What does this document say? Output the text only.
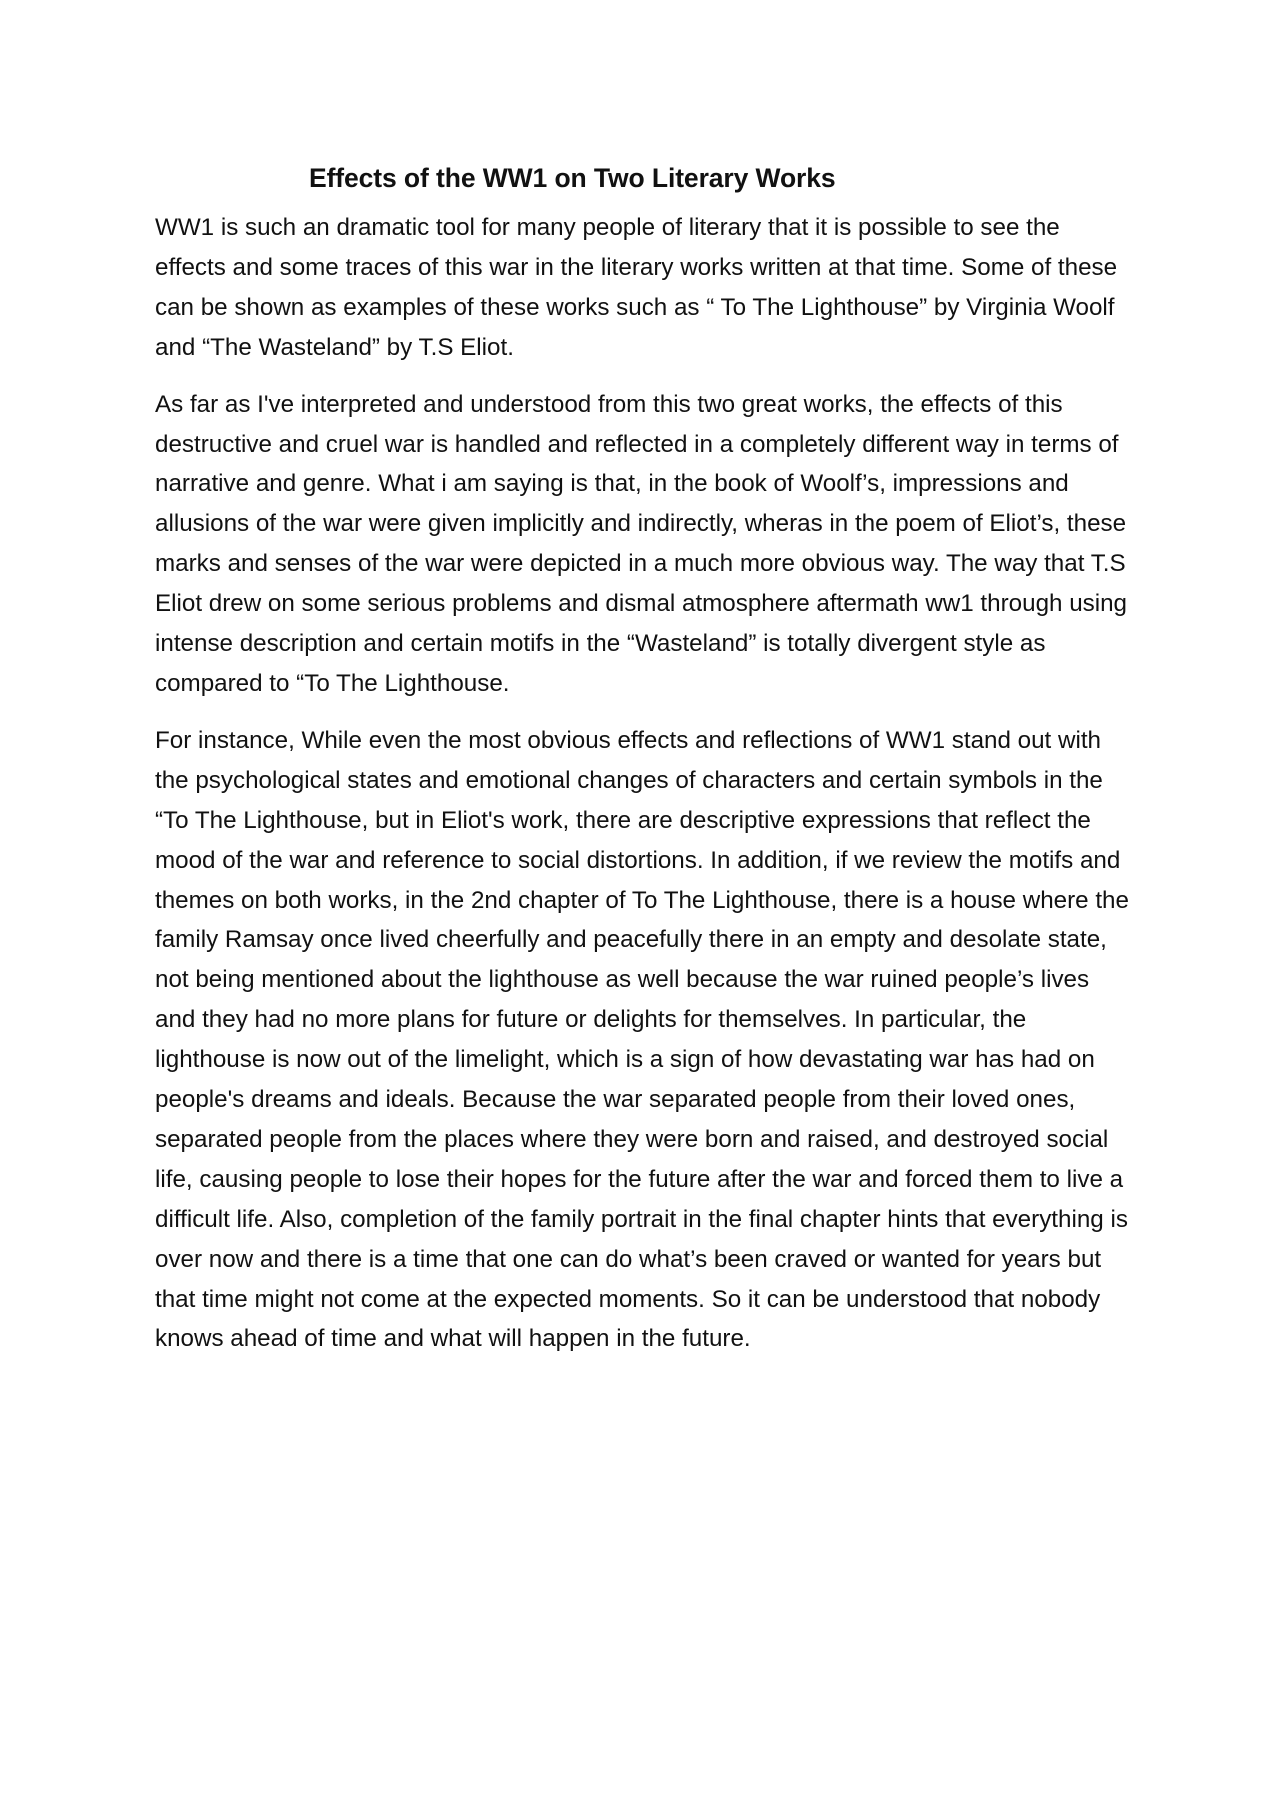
Effects of the WW1 on Two Literary Works

WW1 is such an dramatic tool for many people of literary that it is possible to see the effects and some traces of this war in the literary works written at that time. Some of these can be shown as examples of these works such as “ To The Lighthouse” by Virginia Woolf and “The Wasteland” by T.S Eliot.

As far as I've interpreted and understood from this two great works, the effects of this destructive and cruel war is handled and reflected in a completely different way in terms of narrative and genre. What i am saying is that, in the book of Woolf’s, impressions and allusions of the war were given implicitly and indirectly, wheras in the poem of Eliot’s, these marks and senses of the war were depicted in a much more obvious way. The way that T.S Eliot drew on some serious problems and dismal atmosphere aftermath ww1 through using intense description and certain motifs in the “Wasteland” is totally divergent style as compared to “To The Lighthouse.

For instance, While even the most obvious effects and reflections of WW1 stand out with the psychological states and emotional changes of characters and certain symbols in the “To The Lighthouse, but in Eliot's work, there are descriptive expressions that reflect the mood of the war and reference to social distortions. In addition, if we review the motifs and themes on both works, in the 2nd chapter of To The Lighthouse, there is a house where the family Ramsay once lived cheerfully and peacefully there in an empty and desolate state, not being mentioned about the lighthouse as well because the war ruined people’s lives and they had no more plans for future or delights for themselves. In particular, the lighthouse is now out of the limelight, which is a sign of how devastating war has had on people's dreams and ideals. Because the war separated people from their loved ones, separated people from the places where they were born and raised, and destroyed social life, causing people to lose their hopes for the future after the war and forced them to live a difficult life. Also, completion of the family portrait in the final chapter hints that everything is over now and there is a time that one can do what’s been craved or wanted for years but that time might not come at the expected moments. So it can be understood that nobody knows ahead of time and what will happen in the future.
